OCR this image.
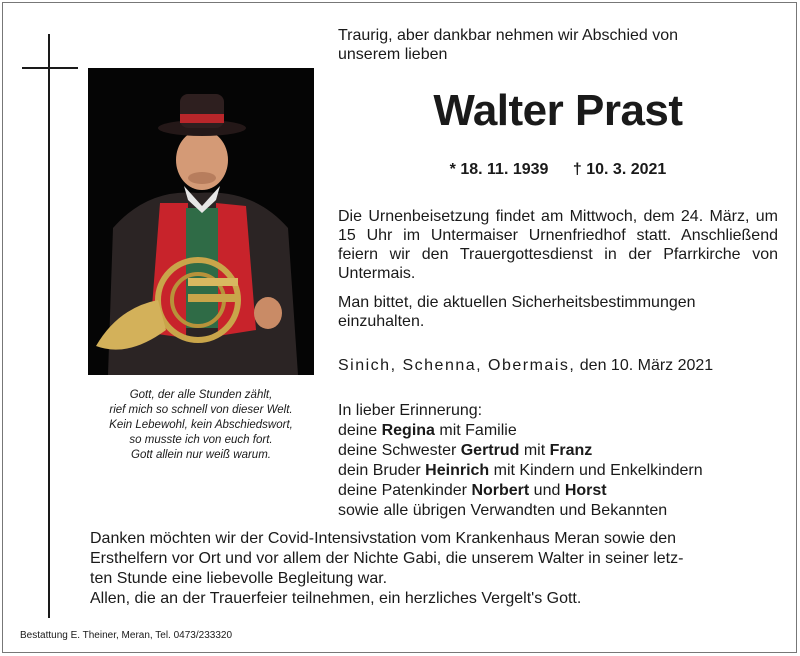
Gott, der alle Stunden zählt,
rief mich so schnell von dieser Welt.
Kein Lebewohl, kein Abschiedswort,
so musste ich von euch fort.
Gott allein nur weiß warum.
Traurig, aber dankbar nehmen wir Abschied von
unserem lieben
Walter Prast
* 18. 11. 1939 † 10. 3. 2021
Die Urnenbeisetzung findet am Mittwoch, dem 24. März, um 15 Uhr im Untermaiser Urnenfriedhof statt. Anschließend feiern wir den Trauergottesdienst in der Pfarrkirche von Untermais.
Man bittet, die aktuellen Sicherheitsbestimmungen einzuhalten.
Sinich, Schenna, Obermais, den 10. März 2021
In lieber Erinnerung:
deine Regina mit Familie
deine Schwester Gertrud mit Franz
dein Bruder Heinrich mit Kindern und Enkelkindern
deine Patenkinder Norbert und Horst
sowie alle übrigen Verwandten und Bekannten
Danken möchten wir der Covid-Intensivstation vom Krankenhaus Meran sowie den
Ersthelfern vor Ort und vor allem der Nichte Gabi, die unserem Walter in seiner letz-
ten Stunde eine liebevolle Begleitung war.
Allen, die an der Trauerfeier teilnehmen, ein herzliches Vergelt's Gott.
Bestattung E. Theiner, Meran, Tel. 0473/233320
